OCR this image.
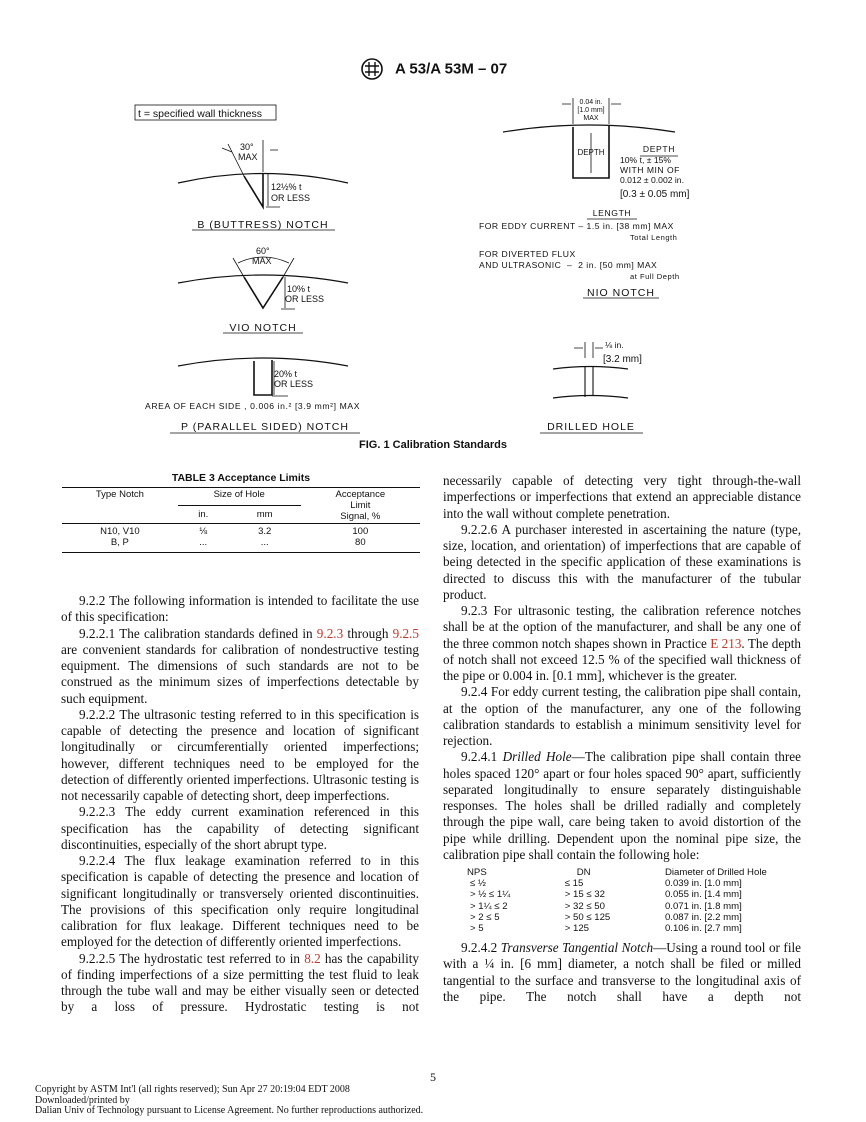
A 53/A 53M – 07
t = specified wall thickness
30°
MAX
12½% t
OR LESS
B (BUTTRESS) NOTCH
60°
MAX
10% t
OR LESS
VIO NOTCH
20% t
OR LESS
AREA OF EACH SIDE , 0.006 in.² [3.9 mm²] MAX
P (PARALLEL SIDED) NOTCH
0.04 in.
[1.0 mm]
MAX
DEPTH	DEPTH
10% t, ± 15%
WITH MIN OF
0.012 ± 0.002 in.
[0.3 ± 0.05 mm]
LENGTH
FOR EDDY CURRENT – 1.5 in. [38 mm] MAX
Total Length
FOR DIVERTED FLUX
AND ULTRASONIC  –  2 in. [50 mm] MAX
at Full Depth
NIO NOTCH
⅛ in.
[3.2 mm]
DRILLED HOLE
FIG. 1 Calibration Standards
TABLE 3 Acceptance Limits
Type Notch	Size of Hole		Acceptance
Limit
Signal, %
	in.	mm	

N10, V10	⅛	3.2	100
B, P	...	...	80

9.2.2 The following information is intended to facilitate the use of this specification:

9.2.2.1 The calibration standards defined in 9.2.3 through 9.2.5 are convenient standards for calibration of nondestructive testing equipment. The dimensions of such standards are not to be construed as the minimum sizes of imperfections detectable by such equipment.

9.2.2.2 The ultrasonic testing referred to in this specification is capable of detecting the presence and location of significant longitudinally or circumferentially oriented imperfections; however, different techniques need to be employed for the detection of differently oriented imperfections. Ultrasonic testing is not necessarily capable of detecting short, deep imperfections.

9.2.2.3 The eddy current examination referenced in this specification has the capability of detecting significant discontinuities, especially of the short abrupt type.

9.2.2.4 The flux leakage examination referred to in this specification is capable of detecting the presence and location of significant longitudinally or transversely oriented discontinuities. The provisions of this specification only require longitudinal calibration for flux leakage. Different techniques need to be employed for the detection of differently oriented imperfections.

9.2.2.5 The hydrostatic test referred to in 8.2 has the capability of finding imperfections of a size permitting the test fluid to leak through the tube wall and may be either visually seen or detected by a loss of pressure. Hydrostatic testing is not

necessarily capable of detecting very tight through-the-wall imperfections or imperfections that extend an appreciable distance into the wall without complete penetration.

9.2.2.6 A purchaser interested in ascertaining the nature (type, size, location, and orientation) of imperfections that are capable of being detected in the specific application of these examinations is directed to discuss this with the manufacturer of the tubular product.

9.2.3 For ultrasonic testing, the calibration reference notches shall be at the option of the manufacturer, and shall be any one of the three common notch shapes shown in Practice E 213. The depth of notch shall not exceed 12.5 % of the specified wall thickness of the pipe or 0.004 in. [0.1 mm], whichever is the greater.

9.2.4 For eddy current testing, the calibration pipe shall contain, at the option of the manufacturer, any one of the following calibration standards to establish a minimum sensitivity level for rejection.

9.2.4.1 Drilled Hole—The calibration pipe shall contain three holes spaced 120° apart or four holes spaced 90° apart, sufficiently separated longitudinally to ensure separately distinguishable responses. The holes shall be drilled radially and completely through the pipe wall, care being taken to avoid distortion of the pipe while drilling. Dependent upon the nominal pipe size, the calibration pipe shall contain the following hole:

NPS	DN	Diameter of Drilled Hole
≤ ½	≤ 15	0.039 in. [1.0 mm]
> ½ ≤ 1¼	> 15 ≤ 32	0.055 in. [1.4 mm]
> 1¼ ≤ 2	> 32 ≤ 50	0.071 in. [1.8 mm]
> 2 ≤ 5	> 50 ≤ 125	0.087 in. [2.2 mm]
> 5	> 125	0.106 in. [2.7 mm]

9.2.4.2 Transverse Tangential Notch—Using a round tool or file with a ¼ in. [6 mm] diameter, a notch shall be filed or milled tangential to the surface and transverse to the longitudinal axis of the pipe. The notch shall have a depth not

5
Copyright by ASTM Int'l (all rights reserved); Sun Apr 27 20:19:04 EDT 2008
Downloaded/printed by
Dalian Univ of Technology pursuant to License Agreement. No further reproductions authorized.
